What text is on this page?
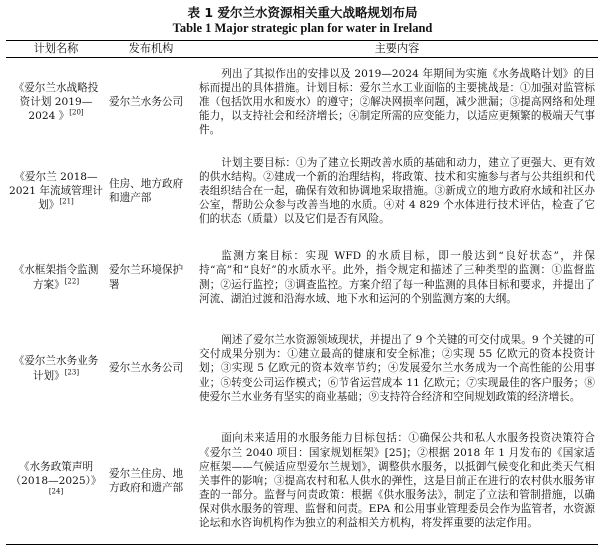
表 1 爱尔兰水资源相关重大战略规划布局
Table 1 Major strategic plan for water in Ireland
计划名称	发布机构	主要内容
《爱尔兰水战略投资计划 2019—2024 》[20]	爱尔兰水务公司	列出了其拟作出的安排以及 2019—2024 年期间为实施《水务战略计划》的目标而提出的具体措施。计划目标：爱尔兰水工业面临的主要挑战是：①加强对监管标准（包括饮用水和废水）的遵守；②解决网损率问题，减少泄漏；③提高网络和处理能力，以支持社会和经济增长；④制定所需的应变能力，以适应更频繁的极端天气事件。
《爱尔兰 2018—2021 年流域管理计划》[21]	住房、地方政府和遗产部	计划主要目标：①为了建立长期改善水质的基础和动力，建立了更强大、更有效的供水结构。②建成一个新的治理结构，将政策、技术和实施参与者与公共组织和代表组织结合在一起，确保有效和协调地采取措施。③新成立的地方政府水域和社区办公室，帮助公众参与改善当地的水质。④对 4 829 个水体进行技术评估，检查了它们的状态（质量）以及它们是否有风险。
《水框架指令监测方案》[22]	爱尔兰环境保护署	监测方案目标：实现 WFD 的水质目标，即一般达到“良好状态”，并保持“高”和“良好”的水质水平。此外，指令规定和描述了三种类型的监测：①监督监测；②运行监控；③调查监控。方案介绍了每一种监测的具体目标和要求，并提出了河流、湖泊过渡和沿海水域、地下水和运河的个别监测方案的大纲。
《爱尔兰水务业务计划》[23]	爱尔兰水务公司	阐述了爱尔兰水资源领域现状，并提出了 9 个关键的可交付成果。9 个关键的可交付成果分别为：①建立最高的健康和安全标准；②实现 55 亿欧元的资本投资计划；③实现 5 亿欧元的资本效率节约；④发展爱尔兰水务成为一个高性能的公用事业；⑤转变公司运作模式；⑥节省运营成本 11 亿欧元；⑦实现最佳的客户服务；⑧使爱尔兰水业务有坚实的商业基础；⑨支持符合经济和空间规划政策的经济增长。
《水务政策声明（2018—2025）》[24]	爱尔兰住房、地方政府和遗产部	面向未来适用的水服务能力目标包括：①确保公共和私人水服务投资决策符合《爱尔兰 2040 项目：国家规划框架》[25]；②根据 2018 年 1 月发布的《国家适应框架——气候适应型爱尔兰规划》，调整供水服务，以抵御气候变化和此类天气相关事件的影响；③提高农村和私人供水的弹性，这是目前正在进行的农村供水服务审查的一部分。监督与问责政策：根据《供水服务法》，制定了立法和管制措施，以确保对供水服务的管理、监督和问责。EPA 和公用事业管理委员会作为监管者，水资源论坛和水咨询机构作为独立的利益相关方机构，将发挥重要的法定作用。
